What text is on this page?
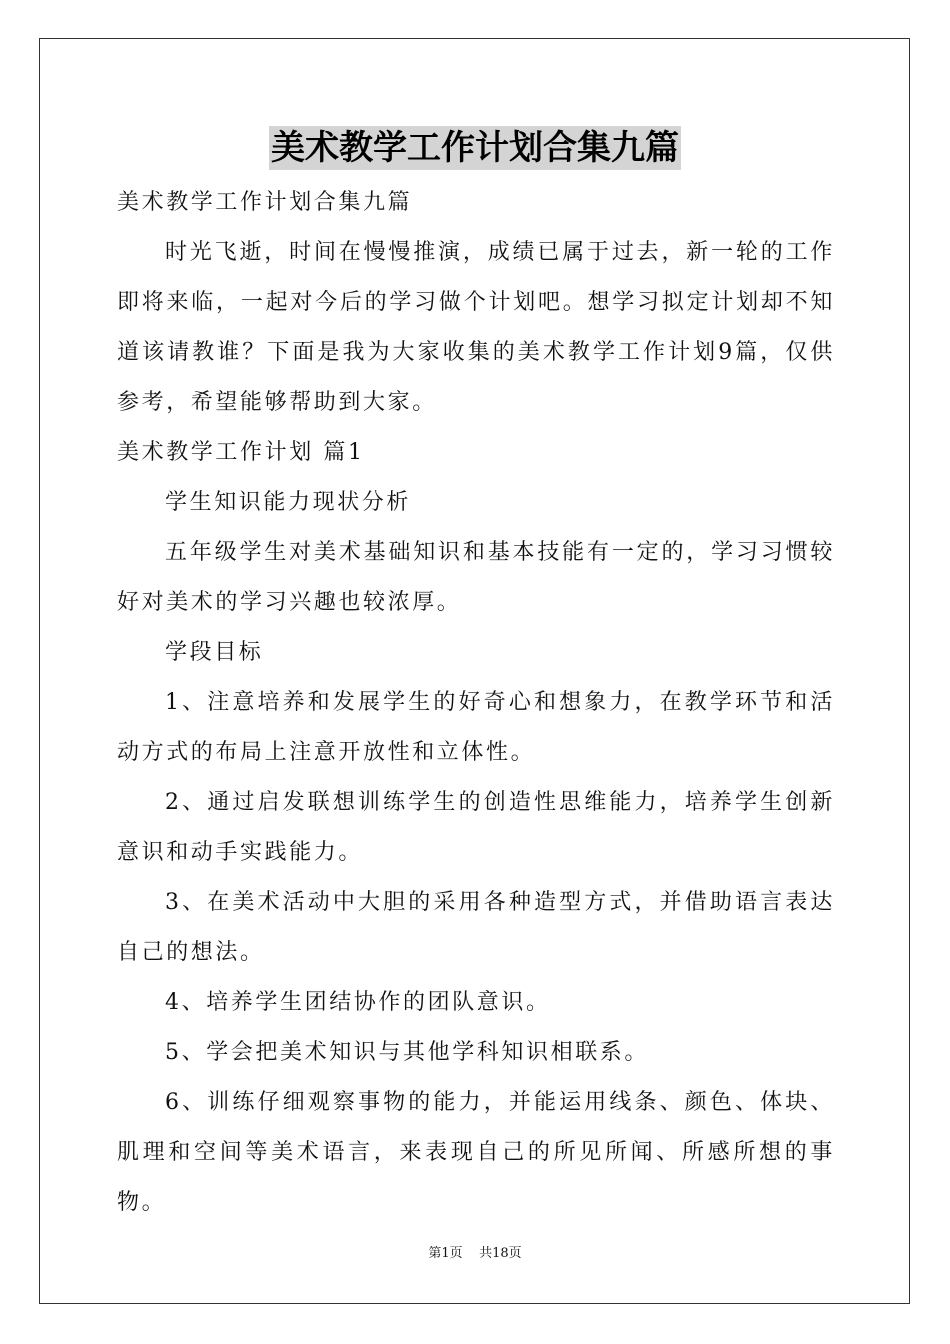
美术教学工作计划合集九篇

美术教学工作计划合集九篇

时光飞逝，时间在慢慢推演，成绩已属于过去，新一轮的工作即将来临，一起对今后的学习做个计划吧。想学习拟定计划却不知道该请教谁？下面是我为大家收集的美术教学工作计划9篇，仅供参考，希望能够帮助到大家。

美术教学工作计划 篇1

学生知识能力现状分析

五年级学生对美术基础知识和基本技能有一定的，学习习惯较好对美术的学习兴趣也较浓厚。

学段目标

1、注意培养和发展学生的好奇心和想象力，在教学环节和活动方式的布局上注意开放性和立体性。

2、通过启发联想训练学生的创造性思维能力，培养学生创新意识和动手实践能力。

3、在美术活动中大胆的采用各种造型方式，并借助语言表达自己的想法。

4、培养学生团结协作的团队意识。

5、学会把美术知识与其他学科知识相联系。

6、训练仔细观察事物的能力，并能运用线条、颜色、体块、肌理和空间等美术语言，来表现自己的所见所闻、所感所想的事物。

第1页 共18页
